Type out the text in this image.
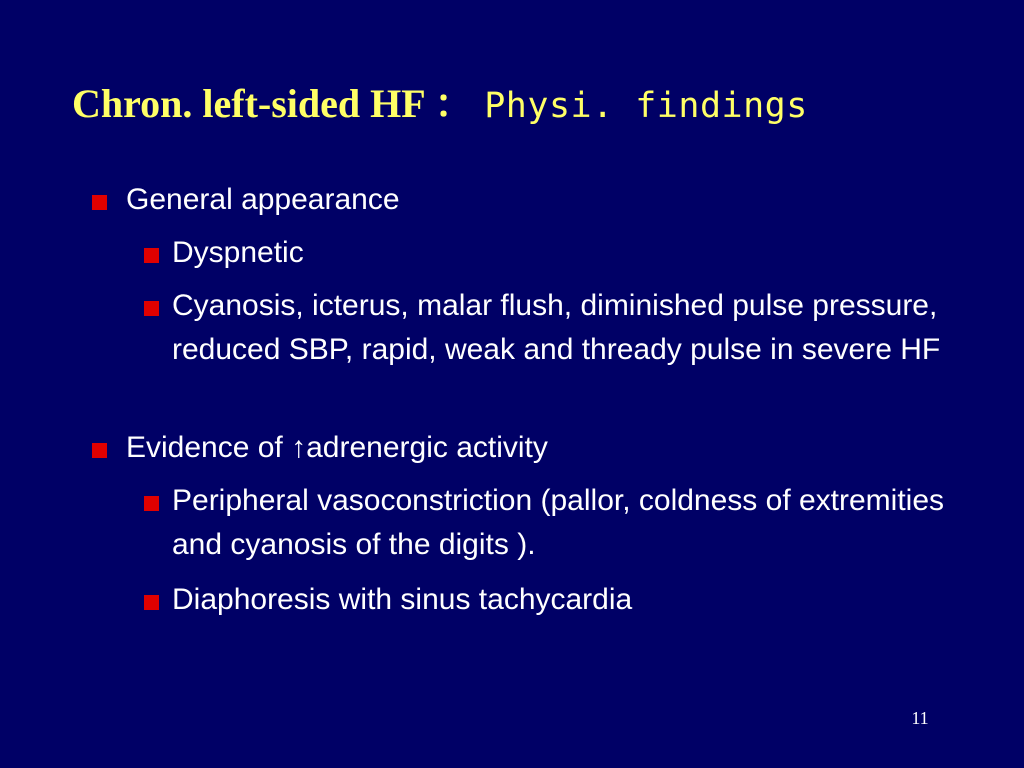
Chron. left-sided HF ： Physi. findings
General appearance
Dyspnetic
Cyanosis, icterus, malar flush, diminished pulse pressure, reduced SBP, rapid, weak and thready pulse in severe HF
Evidence of ↑adrenergic activity
Peripheral vasoconstriction (pallor, coldness of extremities and cyanosis of the digits ).
Diaphoresis with sinus tachycardia
11
